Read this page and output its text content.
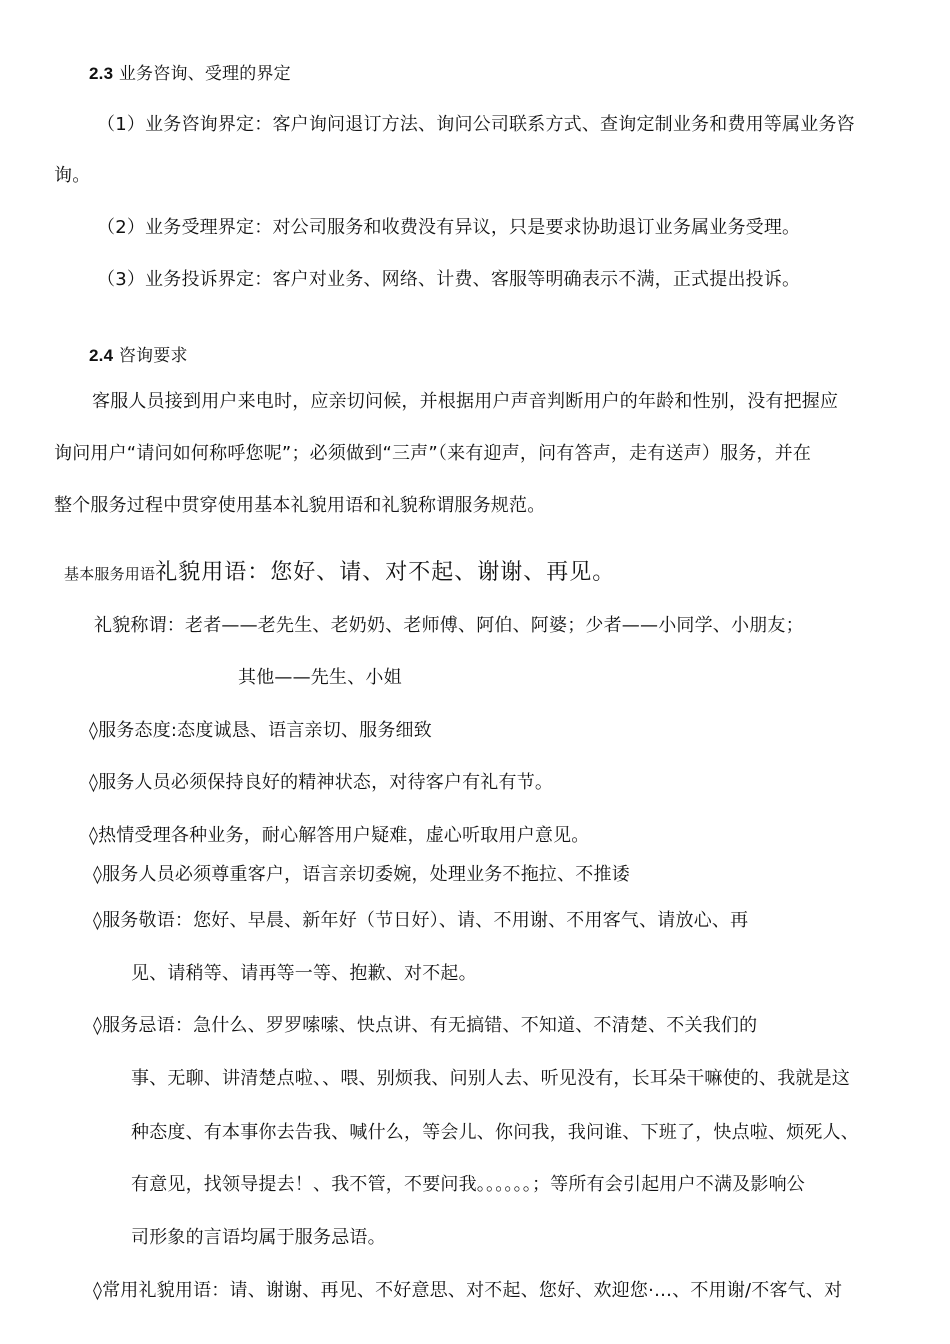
2.3 业务咨询、受理的界定
（1）业务咨询界定：客户询问退订方法、询问公司联系方式、查询定制业务和费用等属业务咨
询。
（2）业务受理界定：对公司服务和收费没有异议，只是要求协助退订业务属业务受理。
（3）业务投诉界定：客户对业务、网络、计费、客服等明确表示不满，正式提出投诉。
2.4 咨询要求
客服人员接到用户来电时，应亲切问候，并根据用户声音判断用户的年龄和性别，没有把握应
询问用户“请问如何称呼您呢”；必须做到“三声”（来有迎声，问有答声，走有送声）服务，并在
整个服务过程中贯穿使用基本礼貌用语和礼貌称谓服务规范。
基本服务用语礼貌用语：您好、请、对不起、谢谢、再见。
礼貌称谓：老者——老先生、老奶奶、老师傅、阿伯、阿婆；少者——小同学、小朋友；
其他——先生、小姐
◊服务态度:态度诚恳、语言亲切、服务细致
◊服务人员必须保持良好的精神状态，对待客户有礼有节。
◊热情受理各种业务，耐心解答用户疑难，虚心听取用户意见。
◊服务人员必须尊重客户，语言亲切委婉，处理业务不拖拉、不推诿
◊服务敬语：您好、早晨、新年好（节日好）、请、不用谢、不用客气、请放心、再
见、请稍等、请再等一等、抱歉、对不起。
◊服务忌语：急什么、罗罗嗦嗦、快点讲、有无搞错、不知道、不清楚、不关我们的
事、无聊、讲清楚点啦、、喂、别烦我、问别人去、听见没有，长耳朵干嘛使的、我就是这
种态度、有本事你去告我、喊什么，等会儿、你问我，我问谁、下班了，快点啦、烦死人、
有意见，找领导提去！、我不管，不要问我。。。。。。；等所有会引起用户不满及影响公
司形象的言语均属于服务忌语。
◊常用礼貌用语：请、谢谢、再见、不好意思、对不起、您好、欢迎您·…、不用谢/不客气、对
